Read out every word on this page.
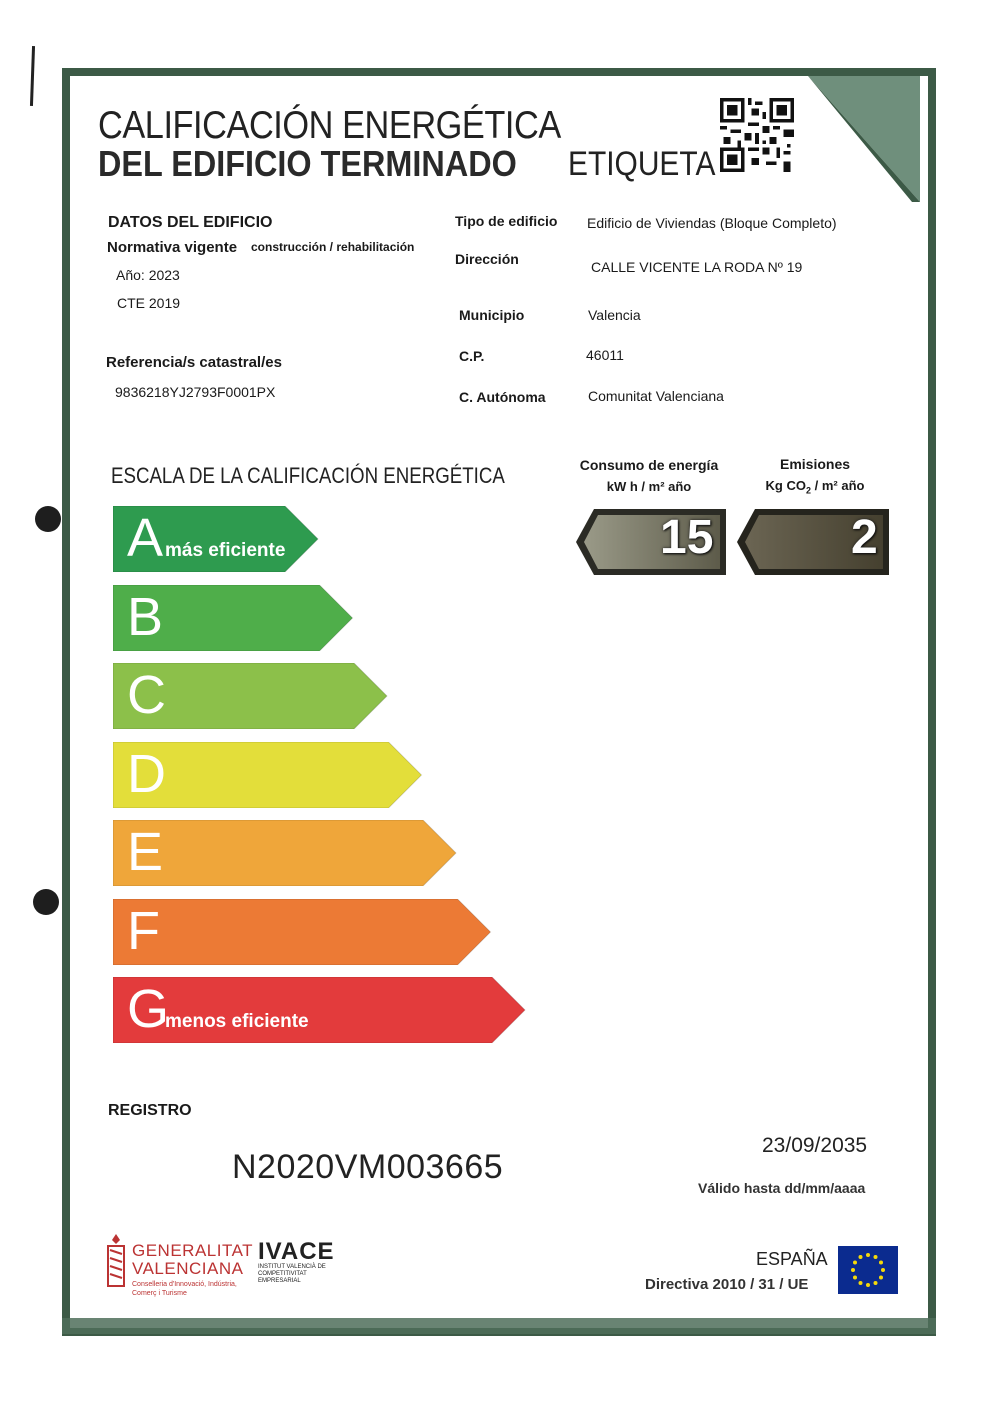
CALIFICACIÓN ENERGÉTICA
DEL EDIFICIO TERMINADO ETIQUETA
DATOS DEL EDIFICIO
Normativa vigente construcción / rehabilitación
Año: 2023
CTE 2019
Referencia/s catastral/es
9836218YJ2793F0001PX
Tipo de edificio Edificio de Viviendas (Bloque Completo)
Dirección	CALLE VICENTE LA RODA Nº 19
Municipio	Valencia
C.P.	46011
C. Autónoma	Comunitat Valenciana
ESCALA DE LA CALIFICACIÓN ENERGÉTICA
A más eficiente
B
C
D
E
F
G
menos eficiente
Consumo de energía
kW h / m² año
Emisiones
Kg $CO_2 / m^2$ año
15	2
REGISTRO
N2020VM003665
23/09/2035
Válido hasta dd/mm/aaaa
GENERALITAT
VALENCIANA
Conselleria d'Innovació, Indústria, Comerç i Turisme
IVACE
INSTITUT VALENCIÀ DE COMPETITIVITAT EMPRESARIAL
ESPAÑA
Directiva 2010 / 31 / UE
